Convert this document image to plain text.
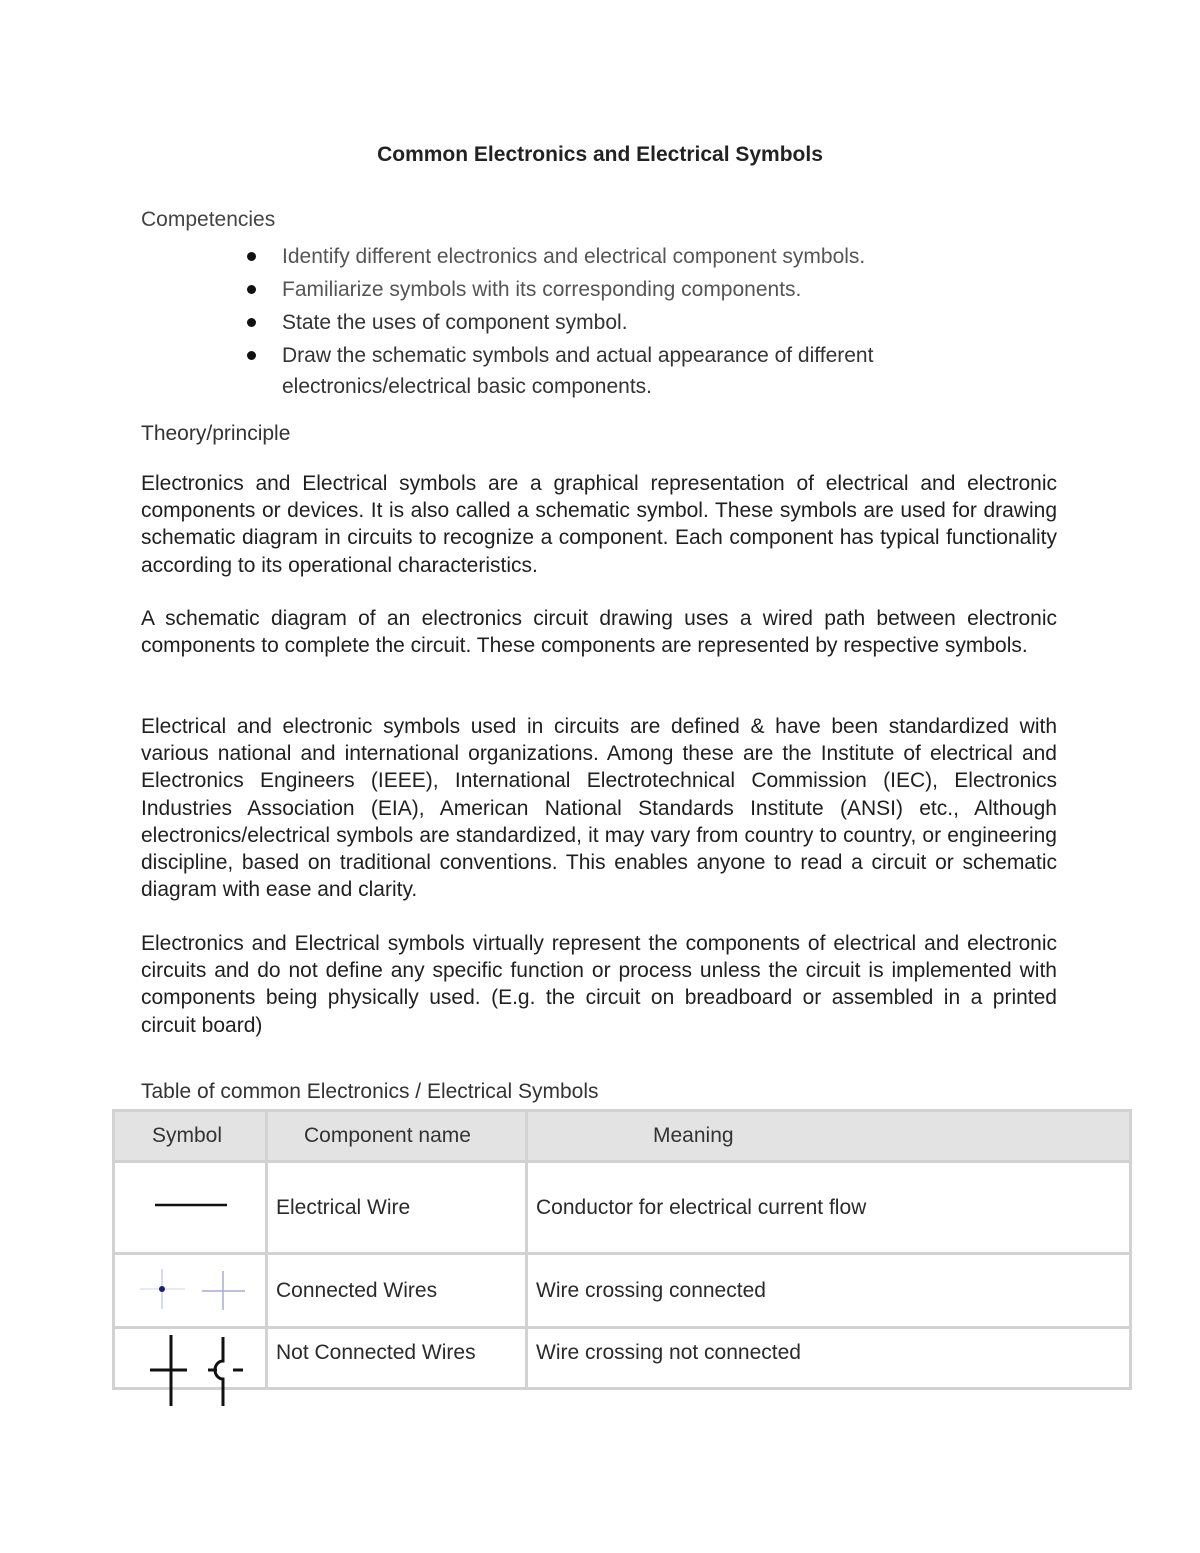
Common Electronics and Electrical Symbols
Competencies
Identify different electronics and electrical component symbols.
Familiarize symbols with its corresponding components.
State the uses of component symbol.
Draw the schematic symbols and actual appearance of different electronics/electrical basic components.
Theory/principle

Electronics and Electrical symbols are a graphical representation of electrical and electronic components or devices. It is also called a schematic symbol. These symbols are used for drawing schematic diagram in circuits to recognize a component. Each component has typical functionality according to its operational characteristics.

A schematic diagram of an electronics circuit drawing uses a wired path between electronic components to complete the circuit. These components are represented by respective symbols.

Electrical and electronic symbols used in circuits are defined & have been standardized with various national and international organizations. Among these are the Institute of electrical and Electronics Engineers (IEEE), International Electrotechnical Commission (IEC), Electronics Industries Association (EIA), American National Standards Institute (ANSI) etc., Although electronics/electrical symbols are standardized, it may vary from country to country, or engineering discipline, based on traditional conventions. This enables anyone to read a circuit or schematic diagram with ease and clarity.

Electronics and Electrical symbols virtually represent the components of electrical and electronic circuits and do not define any specific function or process unless the circuit is implemented with components being physically used. (E.g. the circuit on breadboard or assembled in a printed circuit board)

Table of common Electronics / Electrical Symbols
Symbol	Component name	Meaning

	Electrical Wire	Conductor for electrical current flow

	Connected Wires	Wire crossing connected

	Not Connected Wires	Wire crossing not connected
